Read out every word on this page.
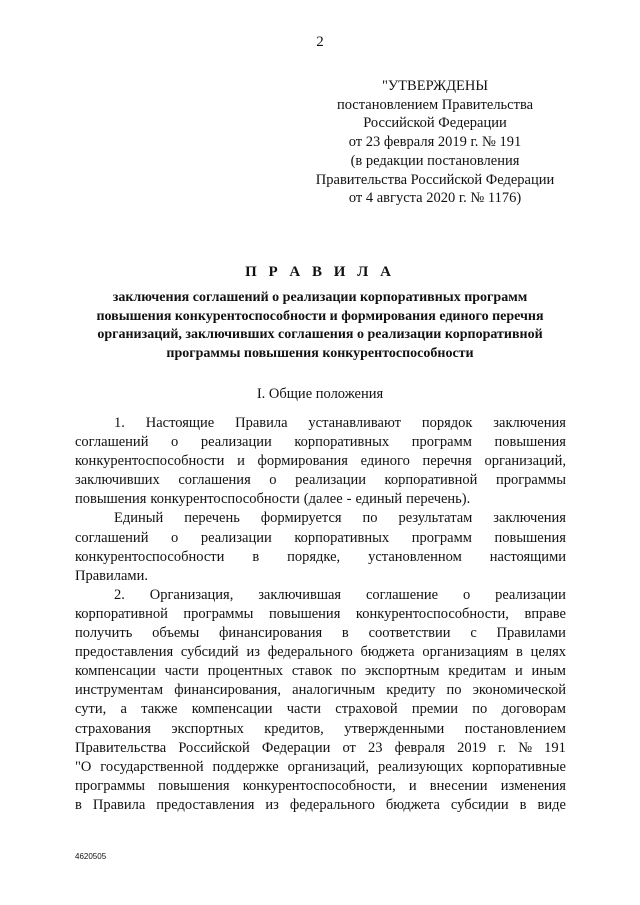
2
"УТВЕРЖДЕНЫ
постановлением Правительства
Российской Федерации
от 23 февраля 2019 г. № 191
(в редакции постановления
Правительства Российской Федерации
от 4 августа 2020 г. № 1176)
П Р А В И Л А
заключения соглашений о реализации корпоративных программ
повышения конкурентоспособности и формирования единого перечня
организаций, заключивших соглашения о реализации корпоративной
программы повышения конкурентоспособности
I. Общие положения
1. Настоящие Правила устанавливают порядок заключения
соглашений о реализации корпоративных программ повышения
конкурентоспособности и формирования единого перечня организаций,
заключивших соглашения о реализации корпоративной программы
повышения конкурентоспособности (далее - единый перечень).
Единый перечень формируется по результатам заключения
соглашений о реализации корпоративных программ повышения
конкурентоспособности в порядке, установленном настоящими
Правилами.
2. Организация, заключившая соглашение о реализации
корпоративной программы повышения конкурентоспособности, вправе
получить объемы финансирования в соответствии с Правилами
предоставления субсидий из федерального бюджета организациям в целях
компенсации части процентных ставок по экспортным кредитам и иным
инструментам финансирования, аналогичным кредиту по экономической
сути, а также компенсации части страховой премии по договорам
страхования экспортных кредитов, утвержденными постановлением
Правительства Российской Федерации от 23 февраля 2019 г. № 191
"О государственной поддержке организаций, реализующих корпоративные
программы повышения конкурентоспособности, и внесении изменения
в Правила предоставления из федерального бюджета субсидии в виде
4620505
